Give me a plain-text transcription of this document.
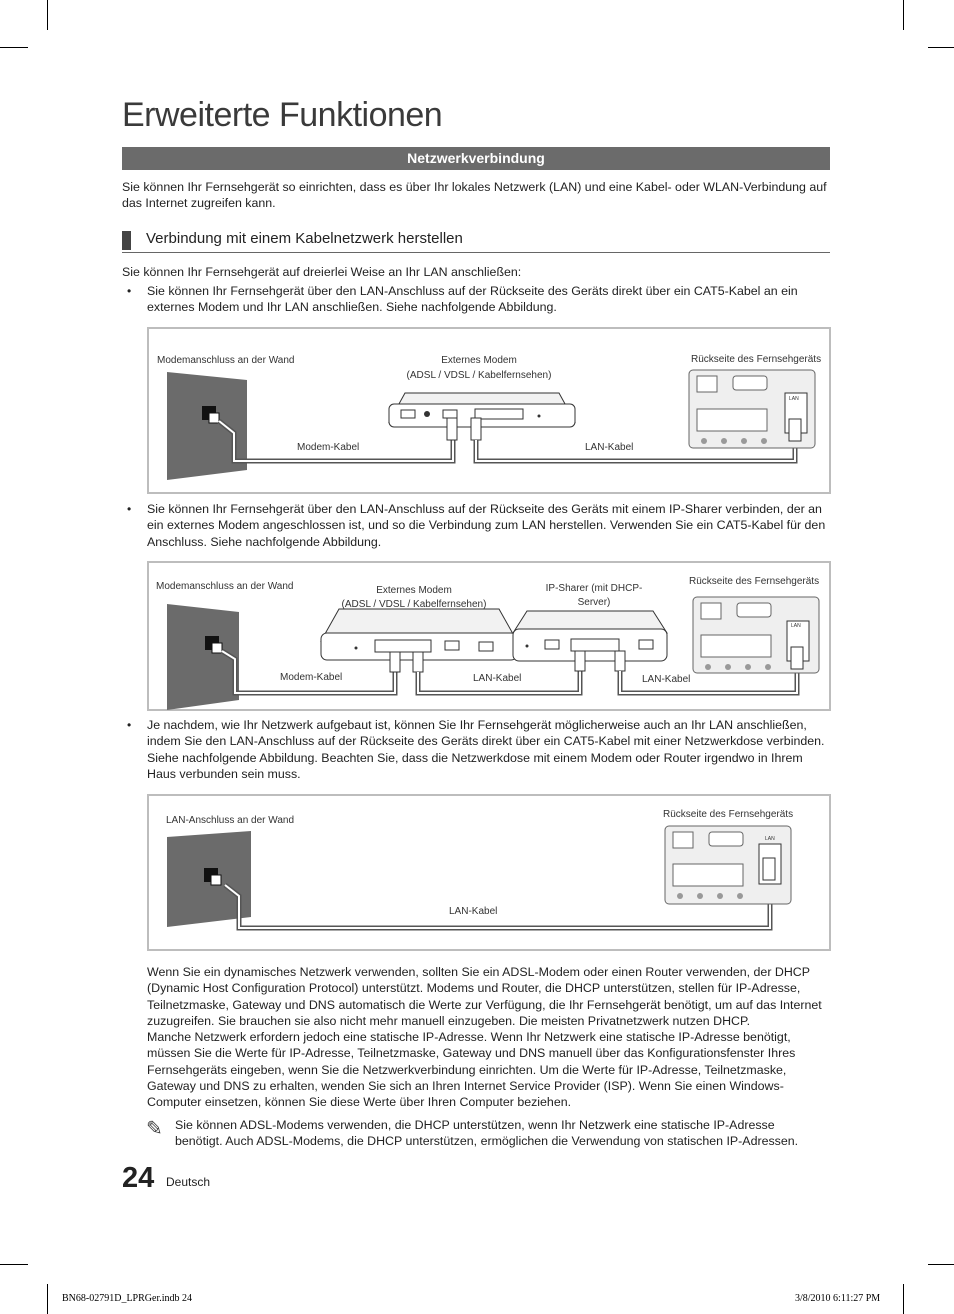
Erweiterte Funktionen
Netzwerkverbindung
Sie können Ihr Fernsehgerät so einrichten, dass es über Ihr lokales Netzwerk (LAN) und eine Kabel- oder WLAN-Verbindung auf das Internet zugreifen kann.
Verbindung mit einem Kabelnetzwerk herstellen
Sie können Ihr Fernsehgerät auf dreierlei Weise an Ihr LAN anschließen:
• Sie können Ihr Fernsehgerät über den LAN-Anschluss auf der Rückseite des Geräts direkt über ein CAT5-Kabel an ein externes Modem und Ihr LAN anschließen. Siehe nachfolgende Abbildung.
Modemanschluss an der Wand	Externes Modem
(ADSL / VDSL / Kabelfernsehen)
Rückseite des Fernsehgeräts
Modem-Kabel	LAN-Kabel
LAN
• Sie können Ihr Fernsehgerät über den LAN-Anschluss auf der Rückseite des Geräts mit einem IP-Sharer verbinden, der an ein externes Modem angeschlossen ist, und so die Verbindung zum LAN herstellen. Verwenden Sie ein CAT5-Kabel für den Anschluss. Siehe nachfolgende Abbildung.
Modemanschluss an der Wand	Externes Modem
(ADSL / VDSL / Kabelfernsehen)
IP-Sharer (mit DHCP-
Server)
Rückseite des Fernsehgeräts
Modem-Kabel	LAN-Kabel	LAN-Kabel
LAN
• Je nachdem, wie Ihr Netzwerk aufgebaut ist, können Sie Ihr Fernsehgerät möglicherweise auch an Ihr LAN anschließen, indem Sie den LAN-Anschluss auf der Rückseite des Geräts direkt über ein CAT5-Kabel mit einer Netzwerkdose verbinden. Siehe nachfolgende Abbildung. Beachten Sie, dass die Netzwerkdose mit einem Modem oder Router irgendwo in Ihrem Haus verbunden sein muss.
LAN-Anschluss an der Wand
Rückseite des Fernsehgeräts
LAN-Kabel
LAN
Wenn Sie ein dynamisches Netzwerk verwenden, sollten Sie ein ADSL-Modem oder einen Router verwenden, der DHCP
(Dynamic Host Configuration Protocol) unterstützt. Modems und Router, die DHCP unterstützen, stellen für IP-Adresse,
Teilnetzmaske, Gateway und DNS automatisch die Werte zur Verfügung, die Ihr Fernsehgerät benötigt, um auf das Internet
zuzugreifen. Sie brauchen sie also nicht mehr manuell einzugeben. Die meisten Privatnetzwerk nutzen DHCP.
Manche Netzwerk erfordern jedoch eine statische IP-Adresse. Wenn Ihr Netzwerk eine statische IP-Adresse benötigt,
müssen Sie die Werte für IP-Adresse, Teilnetzmaske, Gateway und DNS manuell über das Konfigurationsfenster Ihres
Fernsehgeräts eingeben, wenn Sie die Netzwerkverbindung einrichten. Um die Werte für IP-Adresse, Teilnetzmaske,
Gateway und DNS zu erhalten, wenden Sie sich an Ihren Internet Service Provider (ISP). Wenn Sie einen Windows-
Computer einsetzen, können Sie diese Werte über Ihren Computer beziehen.
✎ Sie können ADSL-Modems verwenden, die DHCP unterstützen, wenn Ihr Netzwerk eine statische IP-Adresse
benötigt. Auch ADSL-Modems, die DHCP unterstützen, ermöglichen die Verwendung von statischen IP-Adressen.
24 Deutsch
BN68-02791D_LPRGer.indb 24	3/8/2010 6:11:27 PM
